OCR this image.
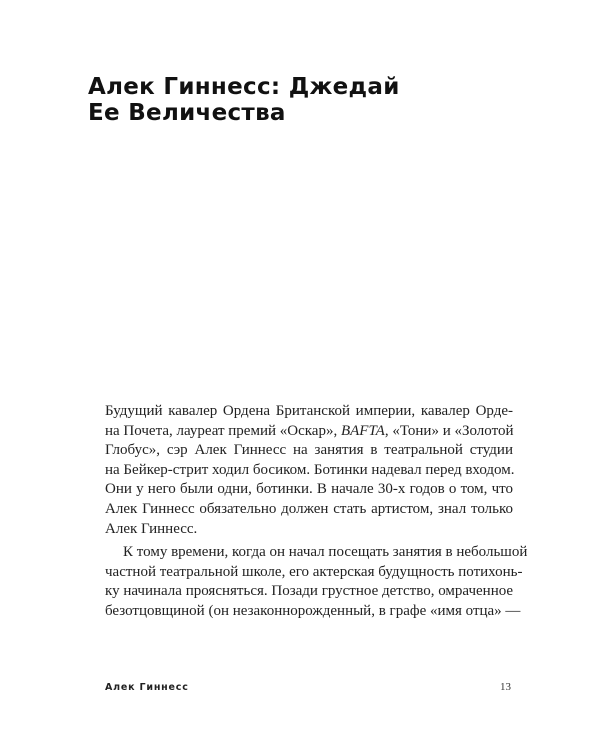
Алек Гиннесс: Джедай
Ее Величества
Будущий кавалер Ордена Британской империи, кавалер Орде-
на Почета, лауреат премий «Оскар», BAFTA, «Тони» и «Золотой
Глобус», сэр Алек Гиннесс на занятия в театральной студии
на Бейкер-стрит ходил босиком. Ботинки надевал перед входом.
Они у него были одни, ботинки. В начале 30-х годов о том, что
Алек Гиннесс обязательно должен стать артистом, знал только
Алек Гиннесс.
К тому времени, когда он начал посещать занятия в небольшой
частной театральной школе, его актерская будущность потихонь-
ку начинала проясняться. Позади грустное детство, омраченное
безотцовщиной (он незаконнорожденный, в графе «имя отца» —
Алек Гиннесс	13
